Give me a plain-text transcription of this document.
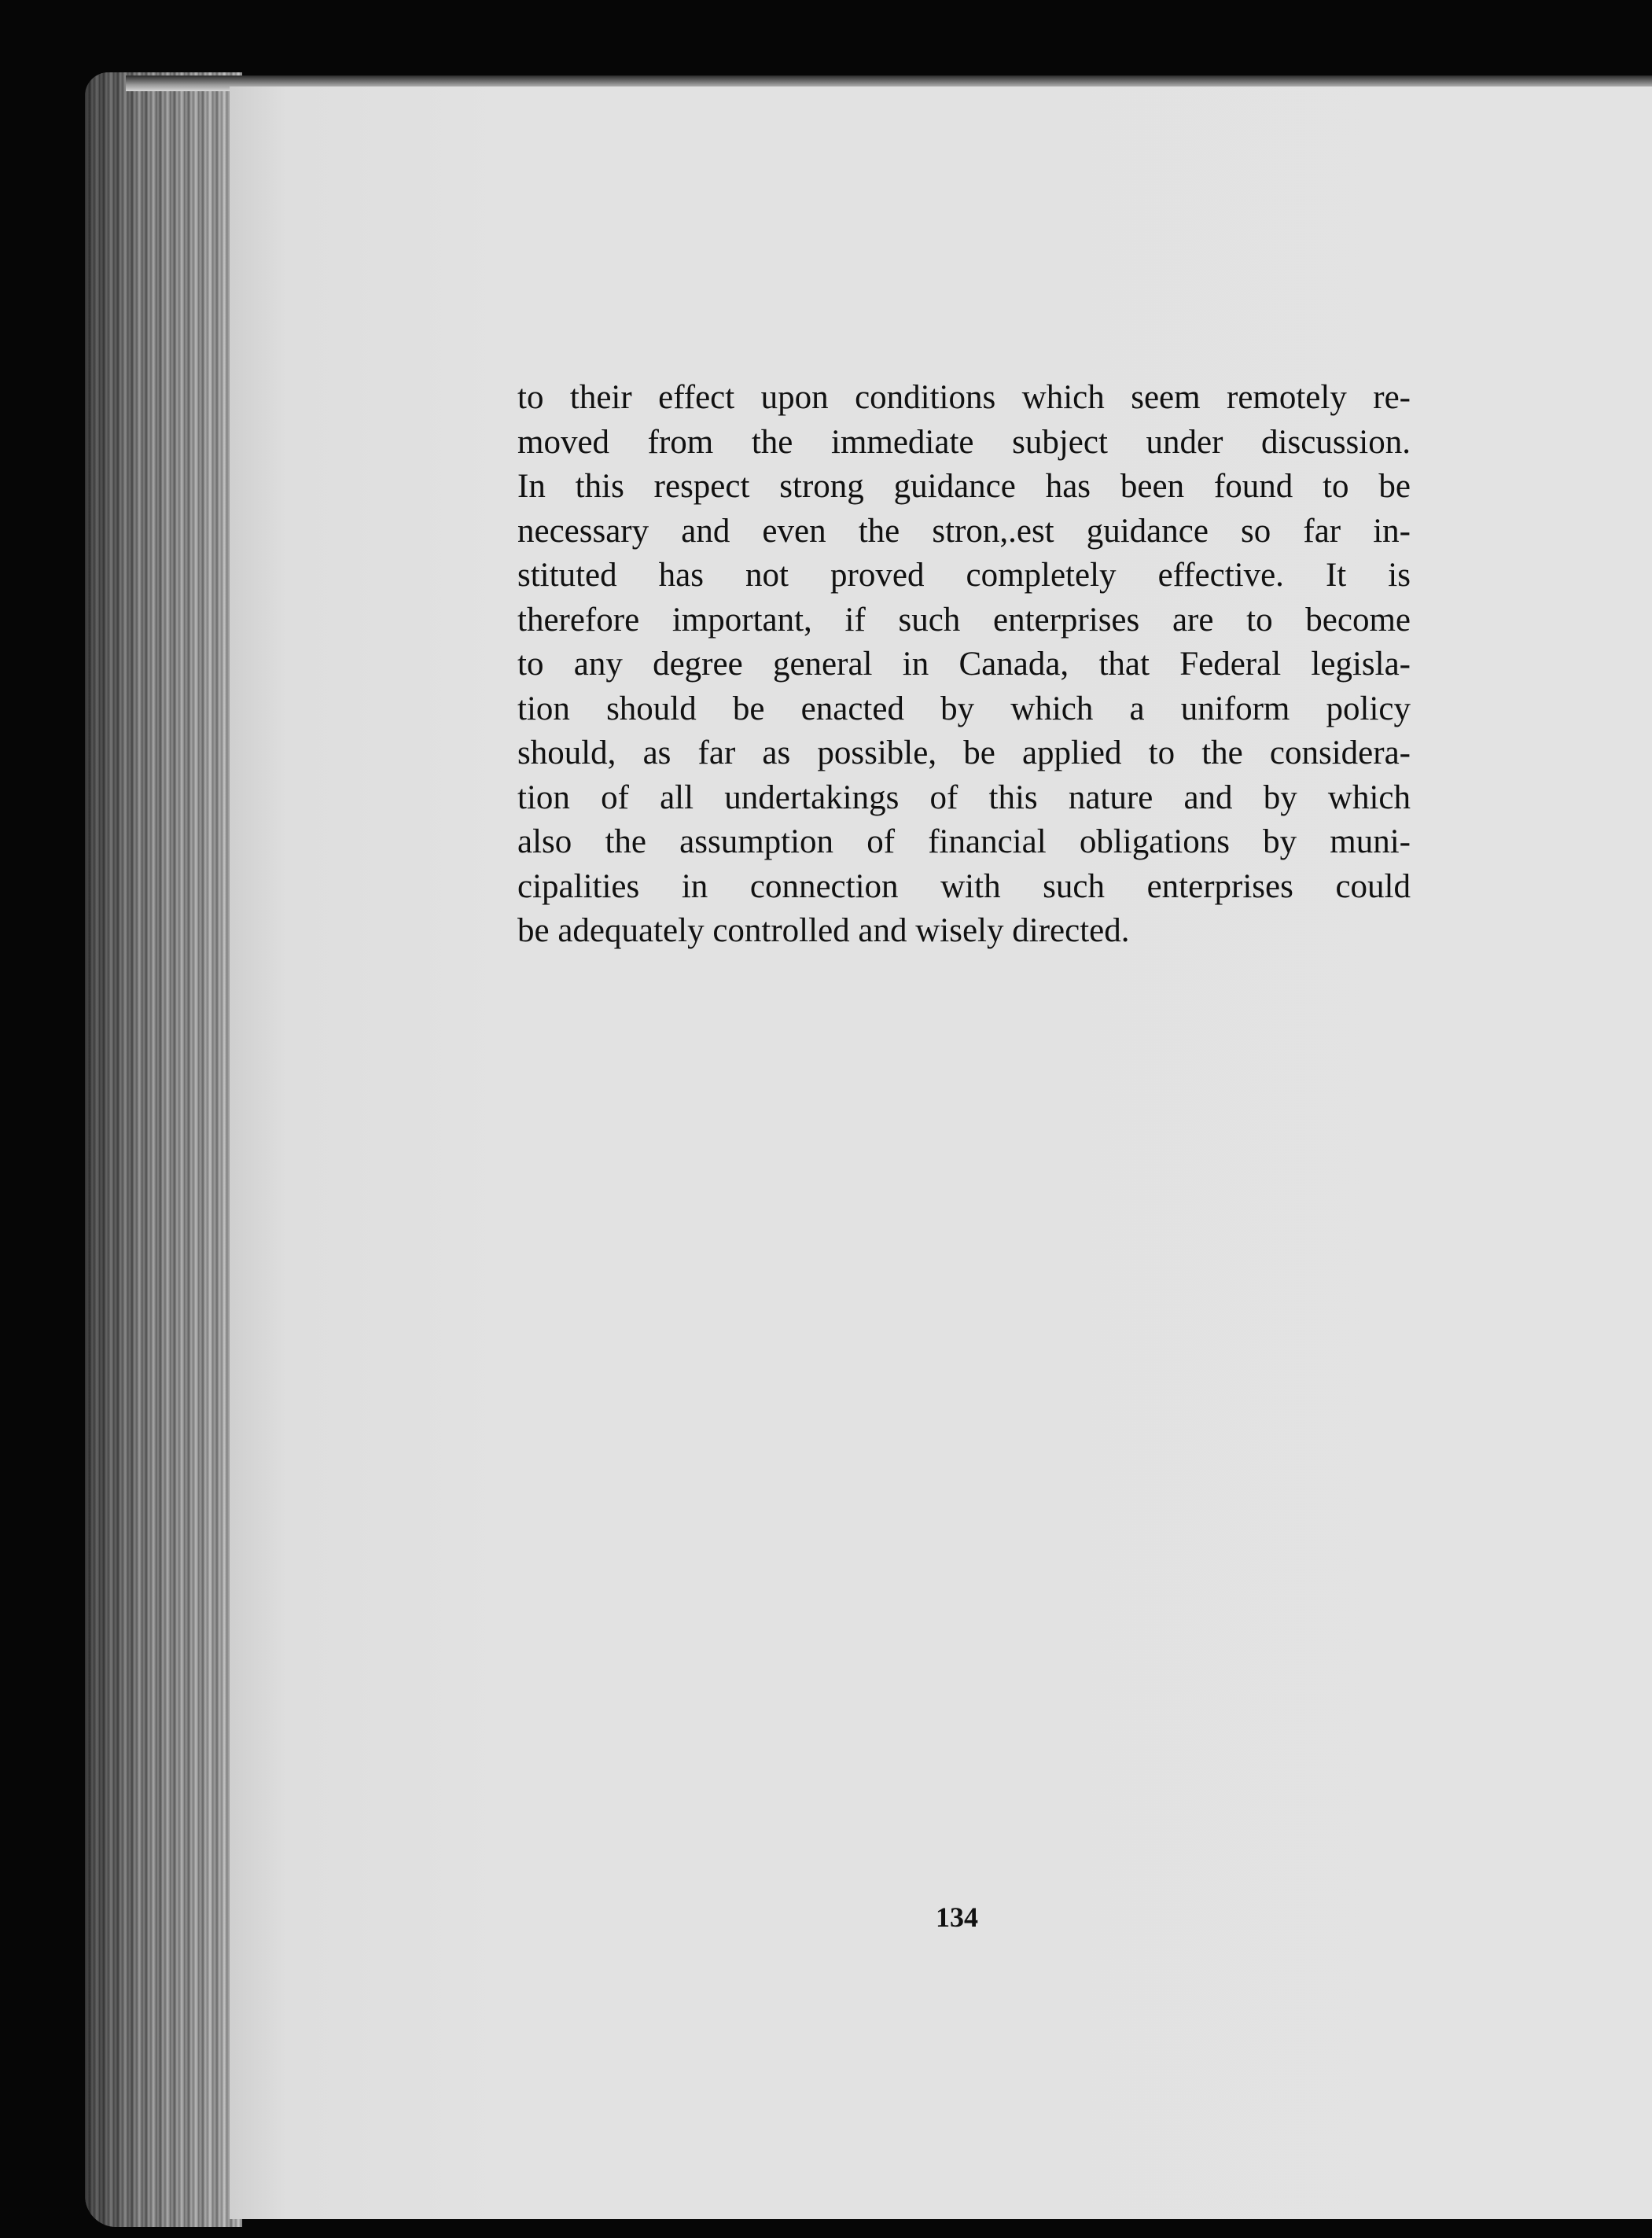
to their effect upon conditions which seem remotely re-
moved from the immediate subject under discussion.
In this respect strong guidance has been found to be
necessary and even the stron,.est guidance so far in-
stituted has not proved completely effective. It is
therefore important, if such enterprises are to become
to any degree general in Canada, that Federal legisla-
tion should be enacted by which a uniform policy
should, as far as possible, be applied to the considera-
tion of all undertakings of this nature and by which
also the assumption of financial obligations by muni-
cipalities in connection with such enterprises could
be adequately controlled and wisely directed.
134
